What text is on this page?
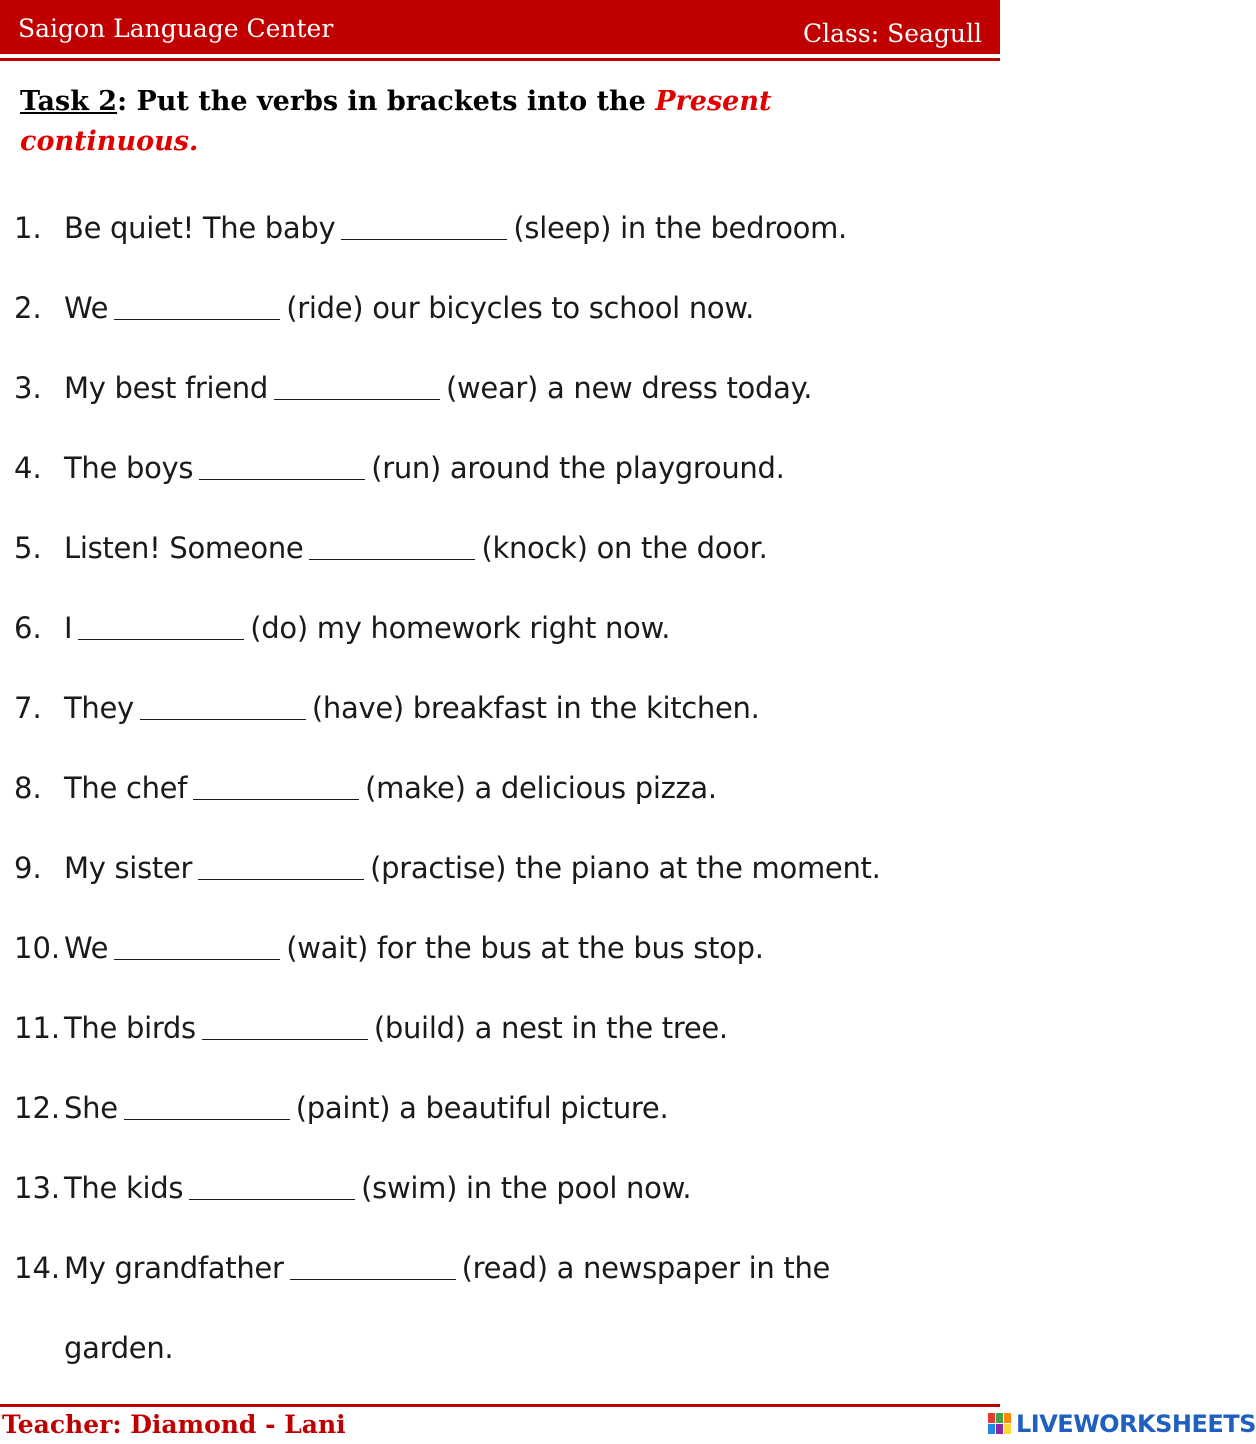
Saigon Language Center	Class: Seagull
Task 2: Put the verbs in brackets into the Present
continuous.
1. Be quiet! The baby	(sleep) in the bedroom.
2. We	(ride) our bicycles to school now.
3. My best friend	(wear) a new dress today.
4. The boys	(run) around the playground.
5. Listen! Someone	(knock) on the door.
6. I	(do) my homework right now.
7. They	(have) breakfast in the kitchen.
8. The chef	(make) a delicious pizza.
9. My sister	(practise) the piano at the moment.
10. We	(wait) for the bus at the bus stop.
11. The birds	(build) a nest in the tree.
12. She	(paint) a beautiful picture.
13. The kids	(swim) in the pool now.
14. My grandfather	(read) a newspaper in the
garden.
Teacher: Diamond - Lani	LIVEWORKSHEETS
